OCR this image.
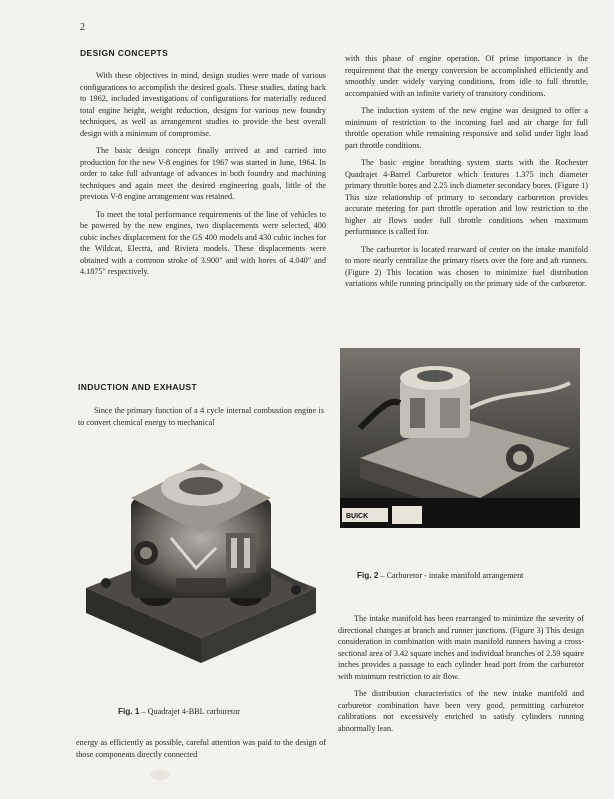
2
DESIGN CONCEPTS

With these objectives in mind, design studies were made of various configurations to accomplish the desired goals. These studies, dating back to 1962, included investigations of configurations for materially reduced total engine height, weight reduction, designs for various new foundry techniques, as well as arrangement studies to provide the best overall design with a minimum of compromise.

The basic design concept finally arrived at and carried into production for the new V-8 engines for 1967 was started in June, 1964. In order to take full advantage of advances in both foundry and machining techniques and again meet the desired engineering goals, little of the previous V-8 engine arrangement was retained.

To meet the total performance requirements of the line of vehicles to be powered by the new engines, two displacements were selected, 400 cubic inches displacement for the GS 400 models and 430 cubic inches for the Wildcat, Electra, and Riviera models. These displacements were obtained with a common stroke of 3.900" and with bores of 4.040" and 4.1875" respectively.

INDUCTION AND EXHAUST

Since the primary function of a 4 cycle internal combustion engine is to convert chemical energy to mechanical

Fig. 1 – Quadrajet 4-BBL carburetor

energy as efficiently as possible, careful attention was paid to the design of those components directly connected

with this phase of engine operation. Of prime importance is the requirement that the energy conversion be accomplished efficiently and smoothly under widely varying conditions, from idle to full throttle, accompanied with an infinite variety of transitory conditions.

The induction system of the new engine was designed to offer a minimum of restriction to the incoming fuel and air charge for full throttle operation while remaining responsive and solid under light load part throttle conditions.

The basic engine breathing system starts with the Rochester Quadrajet 4-Barrel Carburetor which features 1.375 inch diameter primary throttle bores and 2.25 inch diameter secondary bores. (Figure 1) This size relationship of primary to secondary carburetion provides accurate metering for part throttle operation and low restriction to the higher air flows under full throttle conditions when maximum performance is called for.

The carburetor is located rearward of center on the intake manifold to more nearly centralize the primary risers over the fore and aft runners. (Figure 2) This location was chosen to minimize fuel distribution variations while running principally on the primary side of the carburetor.

BUICK
Fig. 2 – Carburetor - intake manifold arrangement

The intake manifold has been rearranged to minimize the severity of directional changes at branch and runner junctions. (Figure 3) This design consideration in combination with main manifold runners having a cross-sectional area of 3.42 square inches and individual branches of 2.59 square inches provides a passage to each cylinder head port from the carburetor with minimum restriction to air flow.

The distribution characteristics of the new intake manifold and carburetor combination have been very good, permitting carburetor calibrations not excessively enriched to satisfy cylinders running abnormally lean.
